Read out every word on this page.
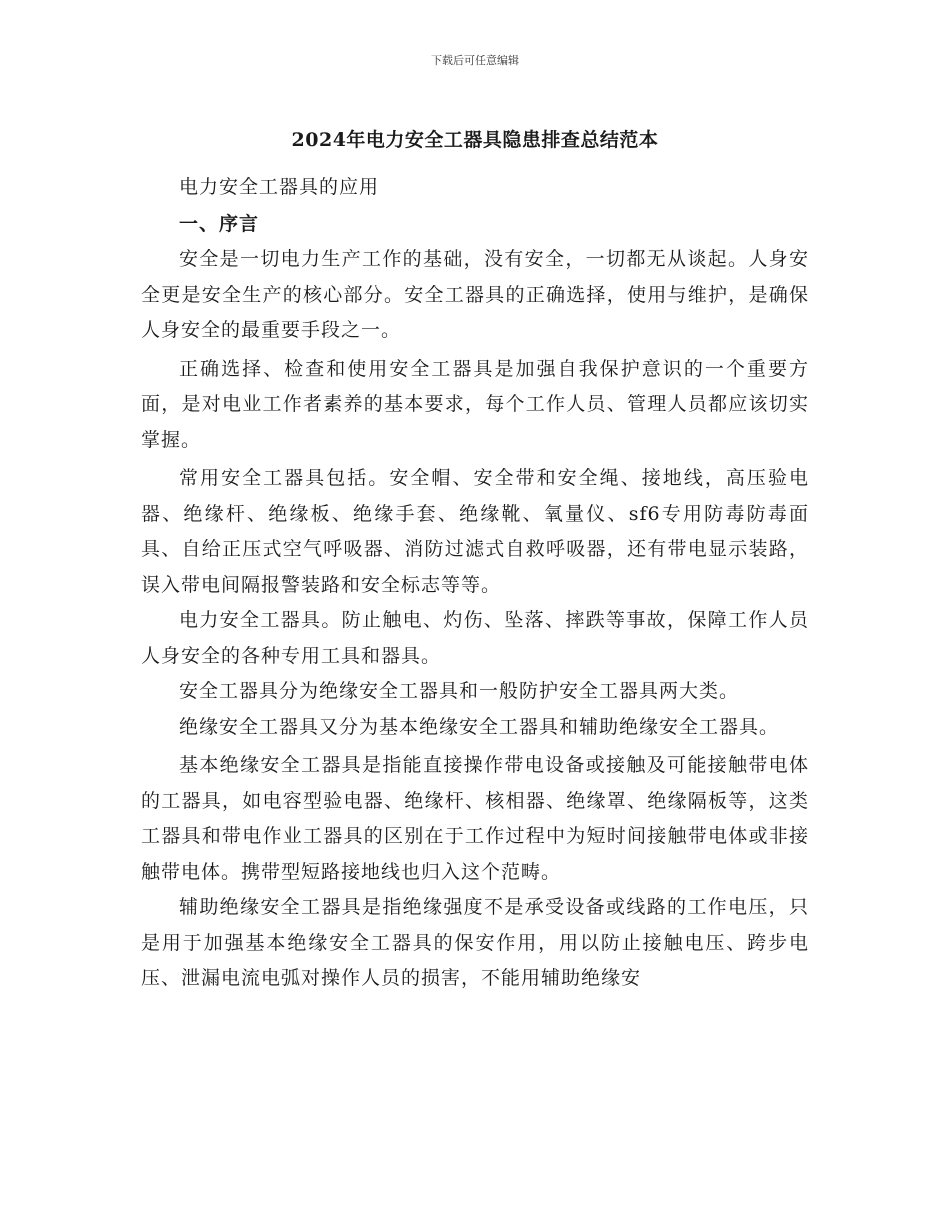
下载后可任意编辑
2024年电力安全工器具隐患排查总结范本

电力安全工器具的应用

一、序言

安全是一切电力生产工作的基础，没有安全，一切都无从谈起。人身安全更是安全生产的核心部分。安全工器具的正确选择，使用与维护，是确保人身安全的最重要手段之一。

正确选择、检查和使用安全工器具是加强自我保护意识的一个重要方面，是对电业工作者素养的基本要求，每个工作人员、管理人员都应该切实掌握。

常用安全工器具包括。安全帽、安全带和安全绳、接地线，高压验电器、绝缘杆、绝缘板、绝缘手套、绝缘靴、氧量仪、sf6专用防毒防毒面具、自给正压式空气呼吸器、消防过滤式自救呼吸器，还有带电显示装路，误入带电间隔报警装路和安全标志等等。

电力安全工器具。防止触电、灼伤、坠落、摔跌等事故，保障工作人员人身安全的各种专用工具和器具。

安全工器具分为绝缘安全工器具和一般防护安全工器具两大类。

绝缘安全工器具又分为基本绝缘安全工器具和辅助绝缘安全工器具。

基本绝缘安全工器具是指能直接操作带电设备或接触及可能接触带电体的工器具，如电容型验电器、绝缘杆、核相器、绝缘罩、绝缘隔板等，这类工器具和带电作业工器具的区别在于工作过程中为短时间接触带电体或非接触带电体。携带型短路接地线也归入这个范畴。

辅助绝缘安全工器具是指绝缘强度不是承受设备或线路的工作电压，只是用于加强基本绝缘安全工器具的保安作用，用以防止接触电压、跨步电压、泄漏电流电弧对操作人员的损害，不能用辅助绝缘安
